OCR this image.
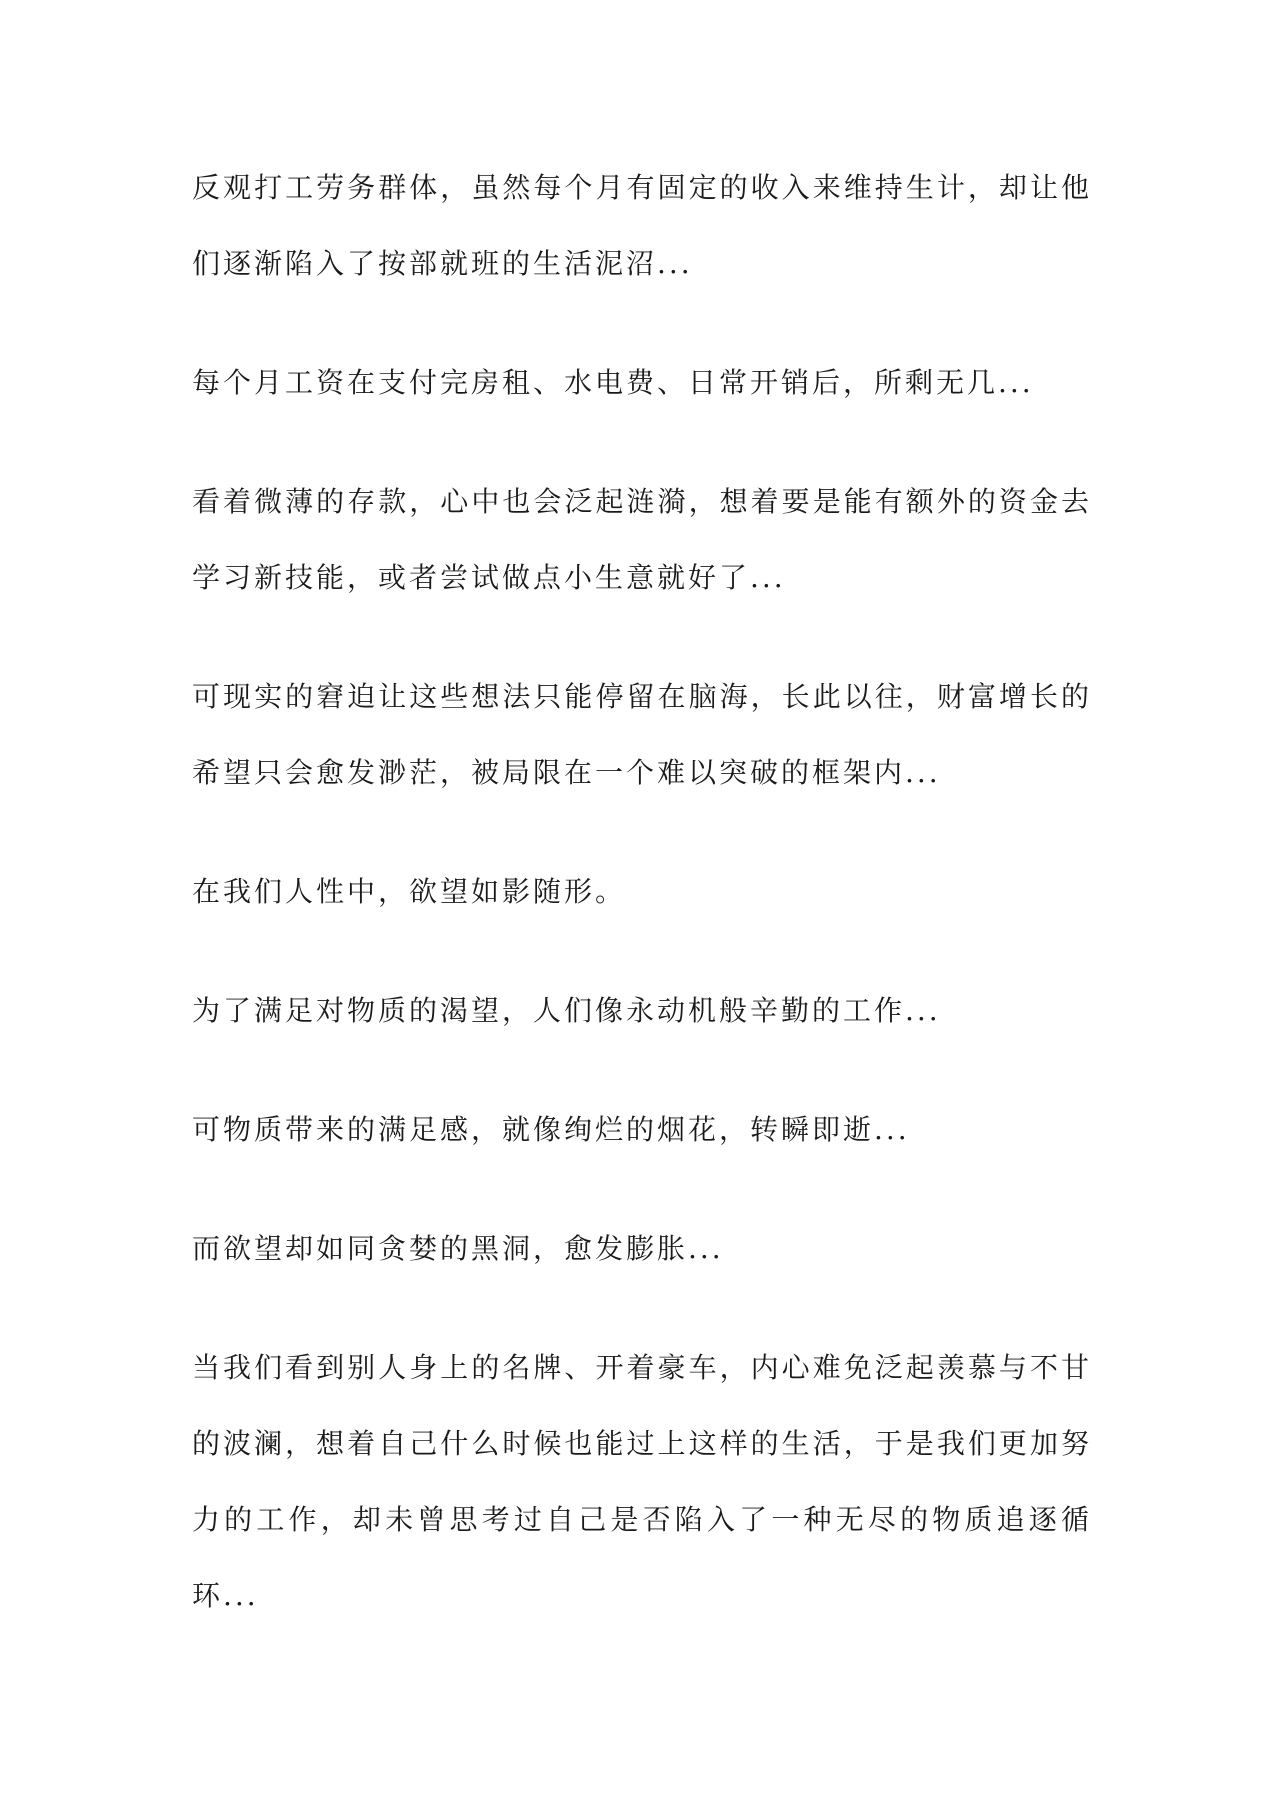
反观打工劳务群体，虽然每个月有固定的收入来维持生计，却让他们逐渐陷入了按部就班的生活泥沼...

每个月工资在支付完房租、水电费、日常开销后，所剩无几...

看着微薄的存款，心中也会泛起涟漪，想着要是能有额外的资金去学习新技能，或者尝试做点小生意就好了...

可现实的窘迫让这些想法只能停留在脑海，长此以往，财富增长的希望只会愈发渺茫，被局限在一个难以突破的框架内...

在我们人性中，欲望如影随形。

为了满足对物质的渴望，人们像永动机般辛勤的工作...

可物质带来的满足感，就像绚烂的烟花，转瞬即逝...

而欲望却如同贪婪的黑洞，愈发膨胀...

当我们看到别人身上的名牌、开着豪车，内心难免泛起羡慕与不甘的波澜，想着自己什么时候也能过上这样的生活，于是我们更加努力的工作，却未曾思考过自己是否陷入了一种无尽的物质追逐循环...
